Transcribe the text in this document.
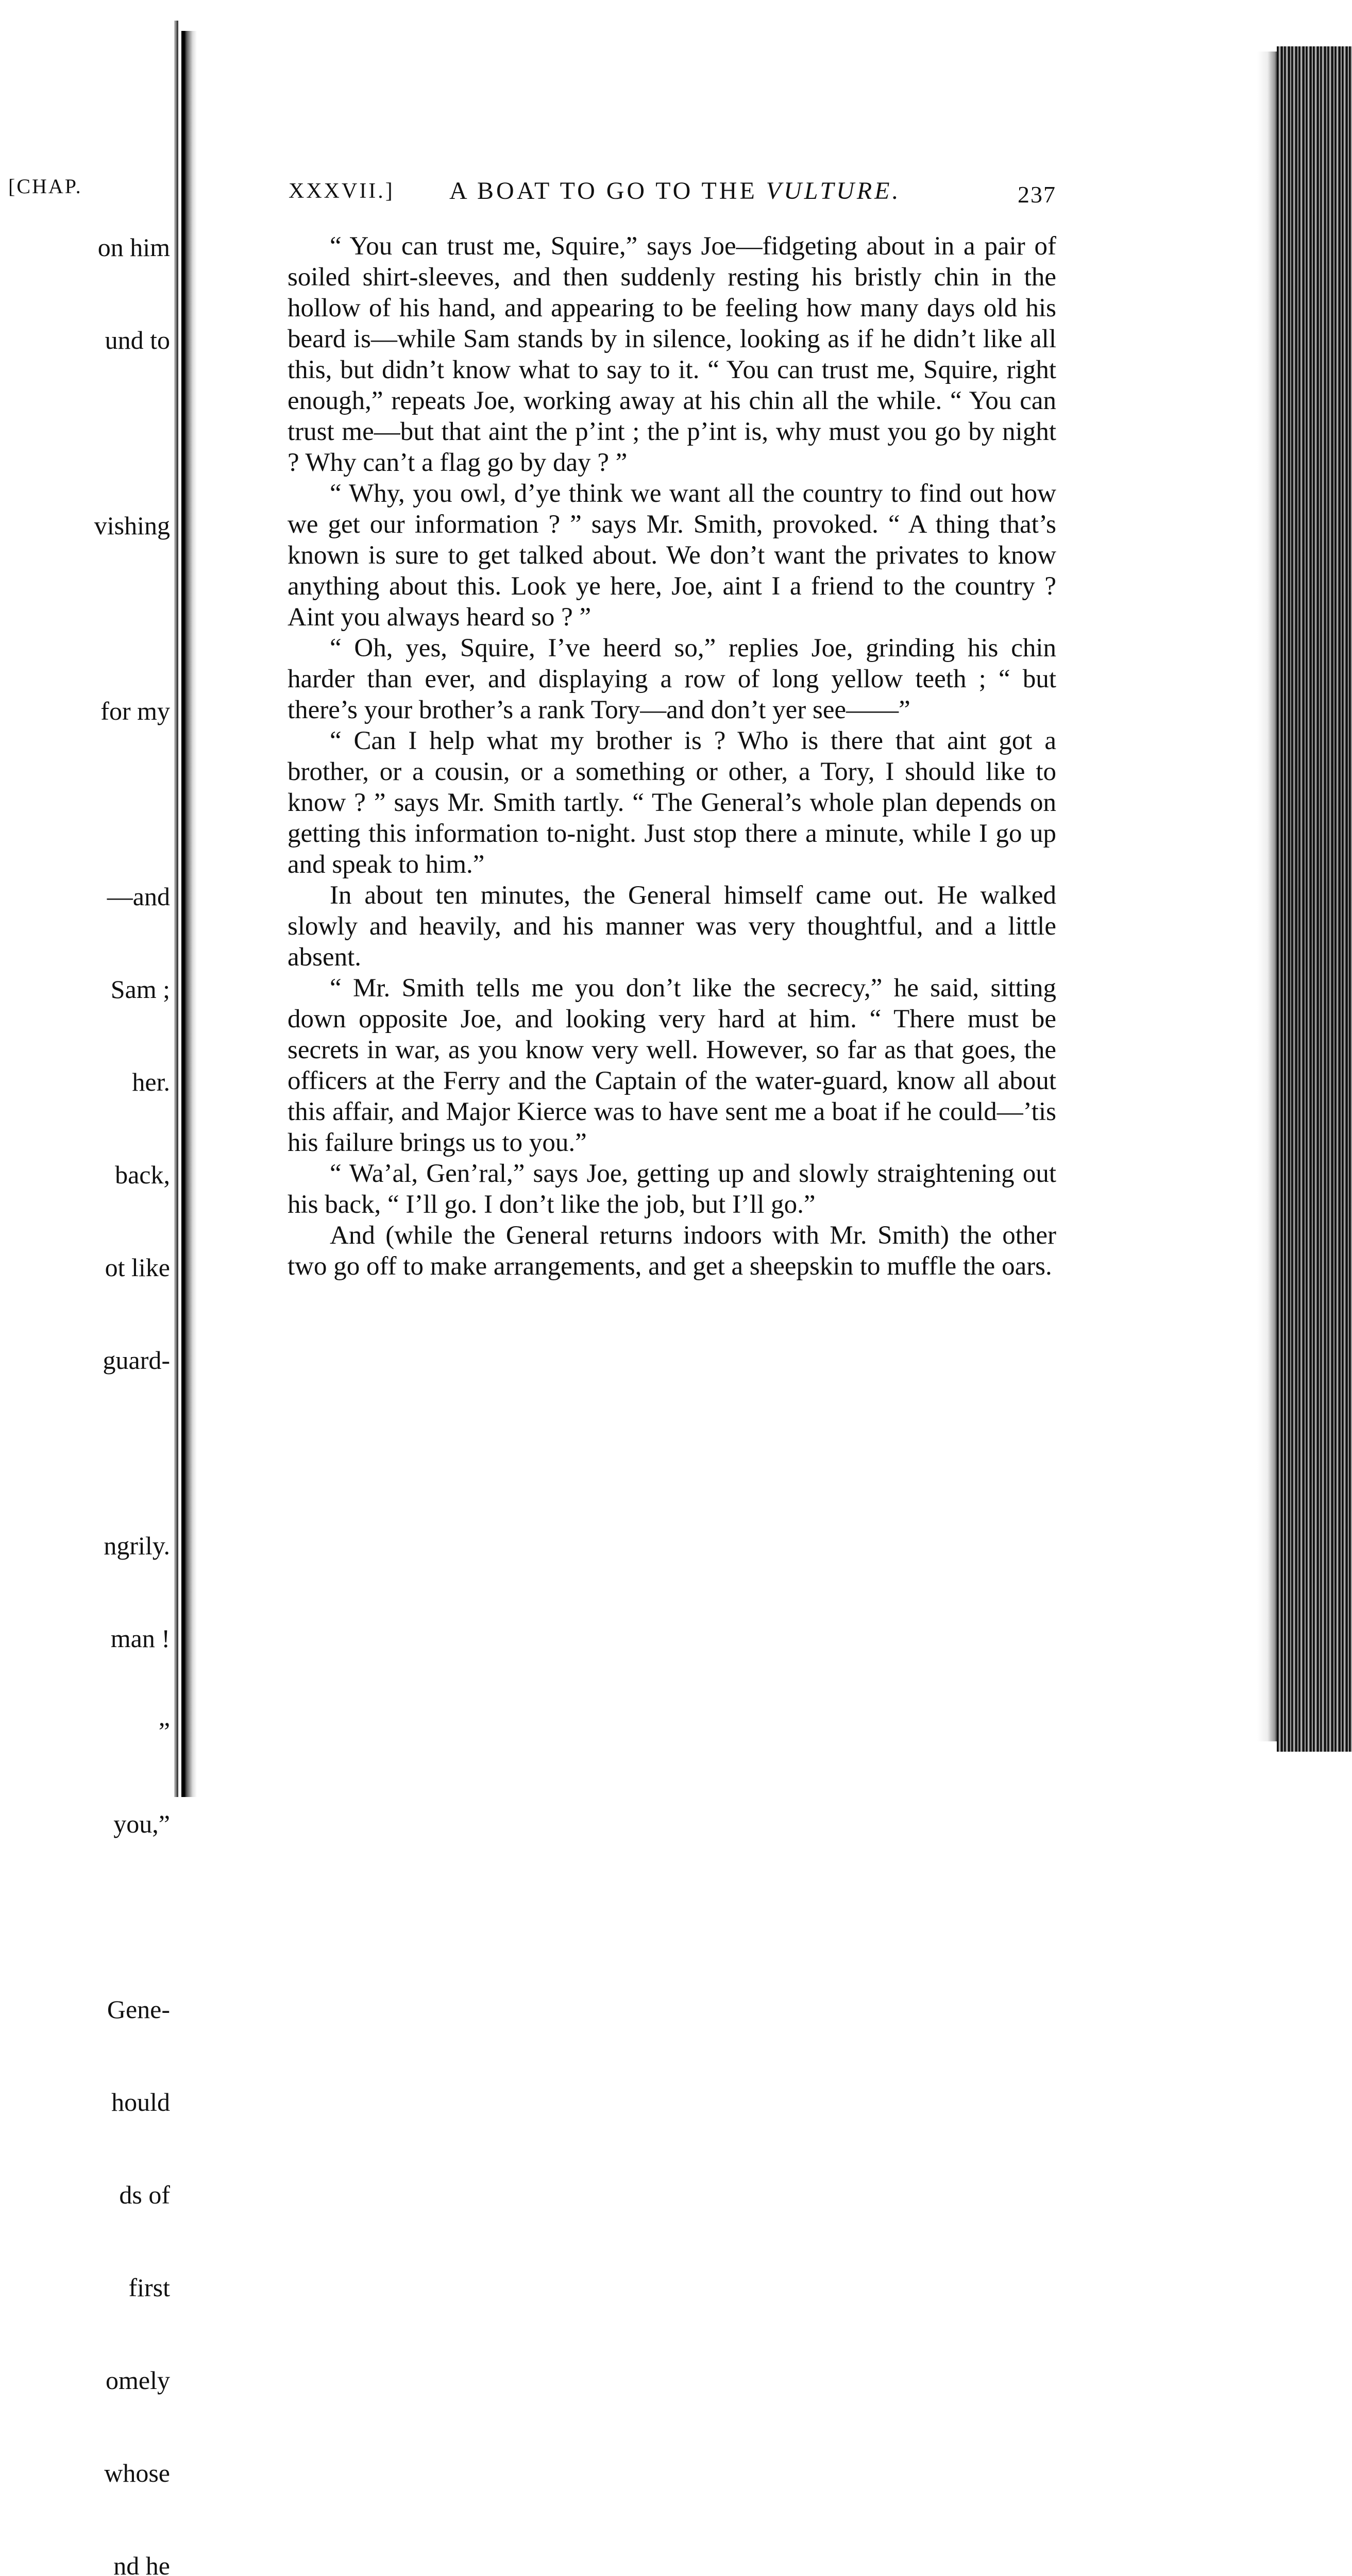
[CHAP.

on him

und to

vishing

for my

—and

Sam ;

her.

back,

ot like

guard-

ngrily.

man !

”

you,”

Gene-

hould

ds of

first

omely

whose

nd he

XXXVII.] A BOAT TO GO TO THE VULTURE.	237

“ You can trust me, Squire,” says Joe—fidgeting about in a pair of soiled shirt-sleeves, and then suddenly resting his bristly chin in the hollow of his hand, and appearing to be feeling how many days old his beard is—while Sam stands by in silence, looking as if he didn’t like all this, but didn’t know what to say to it. “ You can trust me, Squire, right enough,” repeats Joe, working away at his chin all the while. “ You can trust me—but that aint the p’int ; the p’int is, why must you go by night ? Why can’t a flag go by day ? ”

“ Why, you owl, d’ye think we want all the country to find out how we get our information ? ” says Mr. Smith, provoked. “ A thing that’s known is sure to get talked about. We don’t want the privates to know anything about this. Look ye here, Joe, aint I a friend to the country ? Aint you always heard so ? ”

“ Oh, yes, Squire, I’ve heerd so,” replies Joe, grinding his chin harder than ever, and displaying a row of long yellow teeth ; “ but there’s your brother’s a rank Tory—and don’t yer see——”

“ Can I help what my brother is ? Who is there that aint got a brother, or a cousin, or a something or other, a Tory, I should like to know ? ” says Mr. Smith tartly. “ The General’s whole plan depends on getting this information to-night. Just stop there a minute, while I go up and speak to him.”

In about ten minutes, the General himself came out. He walked slowly and heavily, and his manner was very thoughtful, and a little absent.

“ Mr. Smith tells me you don’t like the secrecy,” he said, sitting down opposite Joe, and looking very hard at him. “ There must be secrets in war, as you know very well. However, so far as that goes, the officers at the Ferry and the Captain of the water-guard, know all about this affair, and Major Kierce was to have sent me a boat if he could—’tis his failure brings us to you.”

“ Wa’al, Gen’ral,” says Joe, getting up and slowly straightening out his back, “ I’ll go. I don’t like the job, but I’ll go.”

And (while the General returns indoors with Mr. Smith) the other two go off to make arrangements, and get a sheepskin to muffle the oars.
